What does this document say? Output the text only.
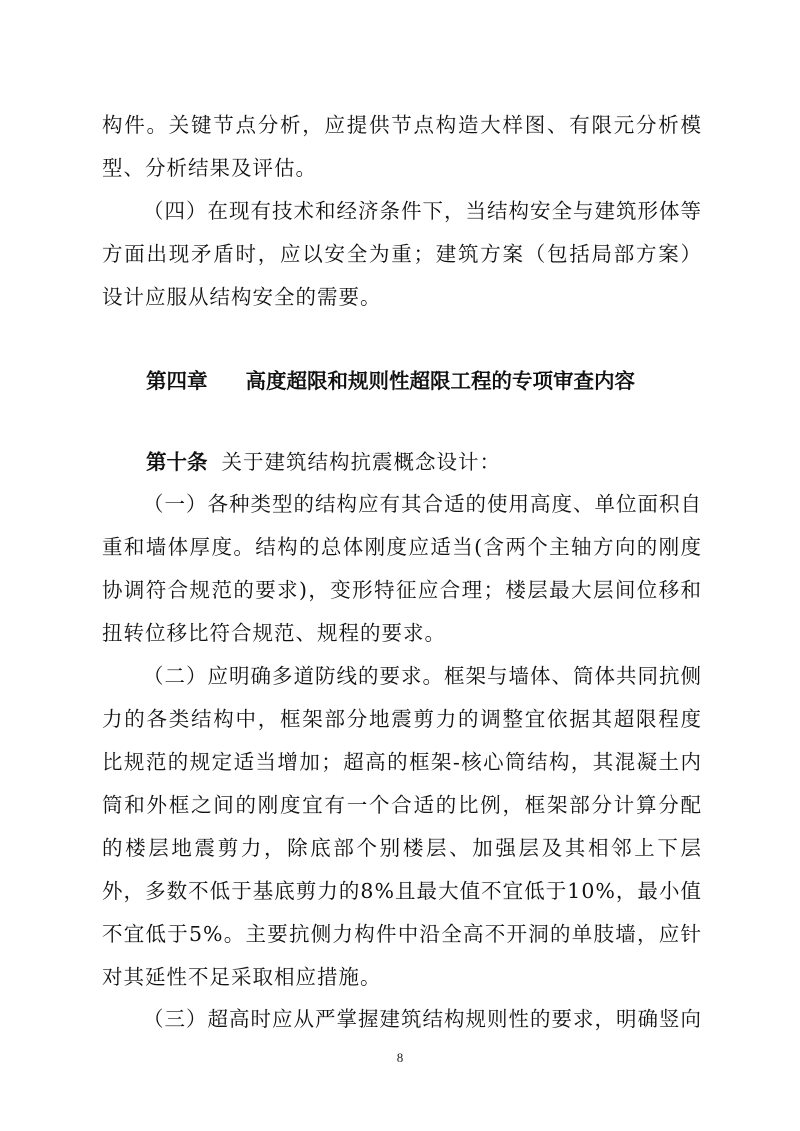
构件。关键节点分析，应提供节点构造大样图、有限元分析模型、分析结果及评估。

（四）在现有技术和经济条件下，当结构安全与建筑形体等方面出现矛盾时，应以安全为重；建筑方案（包括局部方案）设计应服从结构安全的需要。

第四章 高度超限和规则性超限工程的专项审查内容

第十条 关于建筑结构抗震概念设计：

（一）各种类型的结构应有其合适的使用高度、单位面积自重和墙体厚度。结构的总体刚度应适当(含两个主轴方向的刚度协调符合规范的要求)，变形特征应合理；楼层最大层间位移和扭转位移比符合规范、规程的要求。

（二）应明确多道防线的要求。框架与墙体、筒体共同抗侧力的各类结构中，框架部分地震剪力的调整宜依据其超限程度比规范的规定适当增加；超高的框架-核心筒结构，其混凝土内筒和外框之间的刚度宜有一个合适的比例，框架部分计算分配的楼层地震剪力，除底部个别楼层、加强层及其相邻上下层外，多数不低于基底剪力的8%且最大值不宜低于10%，最小值不宜低于5%。主要抗侧力构件中沿全高不开洞的单肢墙，应针对其延性不足采取相应措施。

（三）超高时应从严掌握建筑结构规则性的要求，明确竖向

8
